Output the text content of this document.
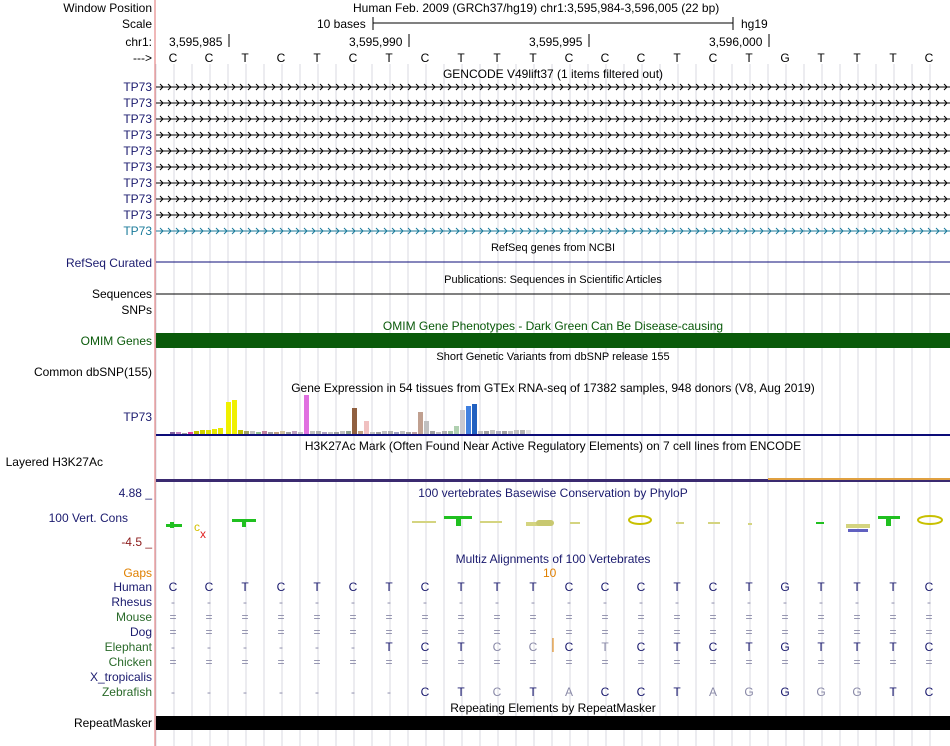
c x
Window Position	Human Feb. 2009 (GRCh37/hg19) chr1:3,595,984-3,596,005 (22 bp)
Scale	10 bases	hg19
chr1: 3,595,985	3,595,990	3,595,995	3,596,000
--->	C	C	T	C	T	C	T	C	T	T	T	C	C	C	T	C	T	G	T	T	T	C
GENCODE V49lift37 (1 items filtered out)
TP73
TP73
TP73
TP73
TP73
TP73
TP73
TP73
TP73
TP73
RefSeq genes from NCBI
RefSeq Curated
Publications: Sequences in Scientific Articles
Sequences
SNPs
OMIM Gene Phenotypes - Dark Green Can Be Disease-causing
OMIM Genes
Short Genetic Variants from dbSNP release 155
Common dbSNP(155)
Gene Expression in 54 tissues from GTEx RNA-seq of 17382 samples, 948 donors (V8, Aug 2019)
TP73
H3K27Ac Mark (Often Found Near Active Regulatory Elements) on 7 cell lines from ENCODE
Layered H3K27Ac
100 vertebrates Basewise Conservation by PhyloP
4.88 _
100 Vert. Cons
-4.5 _
Multiz Alignments of 100 Vertebrates
Gaps	10
Human	C	C	T	C	T	C	T	C	T	T	T	C	C	C	T	C	T	G	T	T	T	C
Rhesus	-	-	-	-	-	-	-	-	-	-	-	-	-	-	-	-	-	-	-	-	-	-
Mouse	=	=	=	=	=	=	=	=	=	=	=	=	=	=	=	=	=	=	=	=	=	=
Dog	=	=	=	=	=	=	=	=	=	=	=	=	=	=	=	=	=	=	=	=	=	=
Elephant	-	-	-	-	-	-	T	C	T	C	C	C	T	C	T	C	T	G	T	T	T	C
Chicken	=	=	=	=	=	=	=	=	=	=	=	=	=	=	=	=	=	=	=	=	=	=
X_tropicalis
Zebrafish	-	-	-	-	-	-	-	C	T	C	T	A	C	C	T	A	G	G	G	G	T	C
Repeating Elements by RepeatMasker
RepeatMasker
